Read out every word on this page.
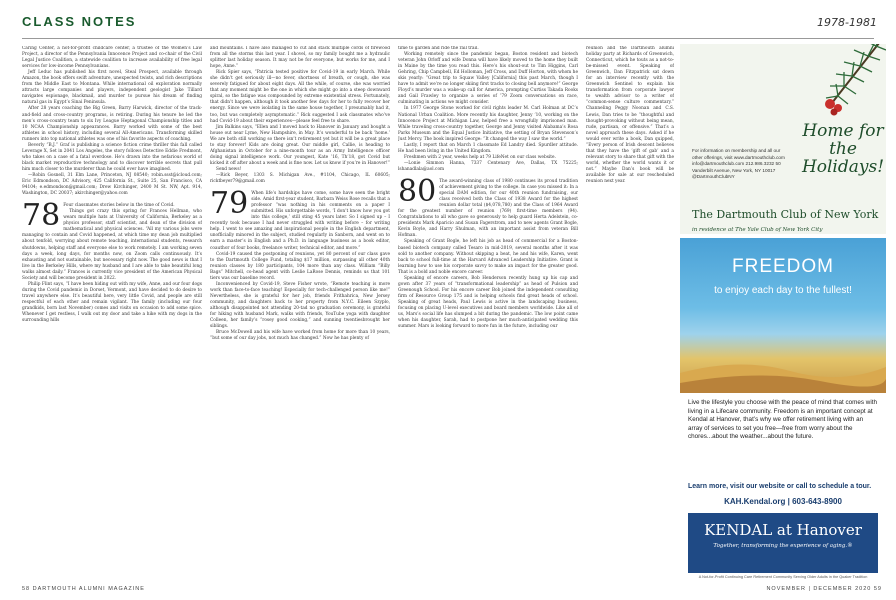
CLASS NOTES	1978-1981

Caring Center, a not-for-profit childcare center, a trustee of the Women’s Law Project, a director of the Pennsylvania Innocence Project and co-chair of the Civil Legal Justice Coalition, a statewide coalition to increase availability of free legal services for low-income Pennsylvanians.

Jeff Leduc has published his first novel, Steal Prospect, available through Amazon, the book offers swift adventure, unexpected twists, and rich descriptions from the Middle East to Montana. While international oil exploration normally attracts large companies and players, independent geologist Jake Tillard navigates espionage, blackmail, and murder to pursue his dream of finding natural gas in Egypt’s Sinai Peninsula.

After 28 years coaching the Big Green, Barry Harwick, director of the track-and-field and cross-country programs, is retiring. During his tenure he led the men’s cross-country team to six Ivy League Heptagonal Championship titles and 10 NCAA Championship appearances. Barry worked with some of the best athletes in school history, including several All-Americans. Transforming skilled runners into top national athletes was one of his favorite aspects of coaching.

Beverly “B.J.” Graf is publishing a science fiction crime thriller this fall called Leverage X, Set in 2041 Los Angeles, the story follows Detective Eddie Fredmont, who takes on a case of a fatal overdose. He’s drawn into the nefarious world of black market reproductive technology and to discover terrible secrets that pull him much closer to the murderer than he could ever have imagined.

—Robin Gosnell, 31 Elm Lane, Princeton, NJ 08540; robin.ssst@icloud.com; Eric Edmondson, DC Advisory, 425 California St., Suite 25, San Francisco, CA 94104; e.edmondson@gmail.com; Drew Kirchinger, 2400 M St. NW, Apt. 914, Washington, DC 20037; akirchinger@yahoo.com

78 Four classmates stories below in the time of Covid.

Things got crazy this spring for Frances Hellman, who wears multiple hats at University of California, Berkeley as a physics professor, staff scientist, and dean of the division of mathematical and physical sciences. “All my various jobs were managing to contain and Covid happened, at which time my dean job multiplied about tenfold, worrying about remote teaching, international students, research shutdowns, helping staff and everyone else to work remotely. I am working seven days a week, long days, for months now, on Zoom calls continuously. It’s exhausting and not sustainable, but necessary right now. The good news is that I live in the Berkeley Hills, where my husband and I are able to take beautiful long walks almost daily.” Frances is currently vice president of the American Physical Society and will become president in 2022.

Philip Flint says, “I have been hiding out with my wife, Anne, and our four dogs during the Covid pandemic in Dorset, Vermont, and have decided to do desire to travel anywhere else. It’s beautiful here, very little Covid, and people are still respectful of each other and remain vigilant. The family (including our four grandkids, born last November) comes and visits on occasion to add some spice. Whenever I get restless, I walk out my door and take a hike with my dogs in the surrounding hills

and mountains. I have also managed to cut and stack multiple cords of firewood from all the storms this last year. I shovel, so my family bought me a hydraulic splitter last holiday season. It may not be for everyone, but works for me, and I hope, Anne.”

Rick Spier says, “Patricia tested positive for Covid-19 in early March. While she didn’t get seriously ill—no fever, shortness of breath, or cough, she was severely fatigued for about eight days. All the while, of course, she was worried that any moment might be the one in which she might go into a steep downward spiral, so the fatigue was compounded by extreme existential stress. Fortunately, that didn’t happen, although it took another few days for her to fully recover her energy. Since we were isolating in the same house together, I presumably had it, too, but was completely asymptomatic.” Rick suggested I ask classmates who’ve had Covid-19 about their experiences—please feel free to share.

Jim Balkins says, “Ellen and I moved back to Hanover in January and bought a house out near Lyme, New Hampshire, in May. It’s wonderful to be back ‘home.’ We are both still working so there isn’t retirement yet but it will be a great place to stay forever! Kids are doing great. Our middle girl, Callie, is heading to Afghanistan in October for a nine-month tour as an Army Intelligence officer doing signal intelligence work. Our youngest, Kate ’16, Th’18, got Covid but kicked it off after about a week and is fine now. Let us know if you’re in Hanover!”

Send news!

—Rick Beyer, 1303 S. Michigan Ave., #1104, Chicago, IL 60605; ricktbeyer79@gmail.com

79 When life’s hardships have come, some have seen the bright side. Amid first-year student, Barbara Weiss Rose recalls that a professor “was nothing in his comments on a paper I submitted. His unforgettable words, ‘I don’t know how you got into this college,’ still sting 45 years later. So I signed up – I recently took because I had never struggled with writing before – for writing help. I went to see amazing and inspirational people in the English department, unofficially minored in the subject, studied regularly in Sanborn, and went on to earn a master’s in English and a Ph.D. in language business as a book editor, coauthor of four books, freelance writer, technical editor, and more.”

Covid-19 caused the postponing of reunions, yet 80 percent of our class gave to the Dartmouth College Fund, totaling $17 million, surpassing all other 40th reunion classes by 180 participants, 104 more than any class. William “Billy Bags” Mitchell, co-head agent with Leslie LaRose Dennis, reminds us that 101 tiers was our baseline record.

Inconvenienced by Covid-19, Steve Fisher wrote, “Remote teaching is more work than face-to-face teaching! Especially for tech-challenged person like me!” Nevertheless, she is grateful for her job, friends Frithahrica, New Jersey community, and daughters back to her property from N.Y.C. Eileen Szyplo, although disappointed not attending 20-tad no graduation ceremony, is grateful for hiking with husband Mark, walks with friends, YouTube yoga with daughter Colleen, her family’s “rosey good cooking,” and sunning twentiesbrought her siblings.

Bruce McDowell and his wife have worked from home for more than 10 years, “but some of our day jobs, not much has changed.” Now he has plenty of

time to garden and ride the rail trail.

Working remotely since the pandemic began, Boston resident and biotech veteran John Orloff and wife Donna will have likely moved to the home they built in Maine by the time you read this. Here’s his shout-out to Tim Higgins, Carl Gehring, Chip Campbell, Ed Holloman, Jeff Cross, and Duff Horton, with whom he skis yearly: “Great trip to Squaw Valley [California] this past March, though I have to admit we’re no longer skiing first tracks to closing bell anymore!” George Floyd’s murder was a wake-up call for America, prompting Curtiss Takada Rooks and Gail Frawley to organize a series of ’79 Zoom conversations on race, culminating in actions we might consider.

In 1977 George Stone worked for civil rights leader M. Carl Holman at DC’s National Urban Coalition. More recently his daughter, Jenny ’10, working on the Innocence Project at Michigan Law, helped free a wrongfully imprisoned man. While traveling cross-country together, George and Jenny visited Alabama’s Rosa Parks Museum and the Equal Justice Initiative, the setting of Bryan Stevenson’s Just Mercy. The book inspired George: “It changed the way I saw the world.”

Lastly, I report that on March 1 classmate Ed Landry died. Spurdler attitude. He had been living in the United Kingdom.

Freshmen with 2 year, weeks help at 79 LifeNet on our class website.

—Lonie Simmon Hanna, 7337 Centenary Ave, Dallas, TX 75225; lshanadlala@aol.com

80 The award-winning class of 1980 continues its proud tradition of achievement giving to the college. In case you missed it: In a special DAM edition, for our 40th reunion fundraising, our class received both the Class of 1938 Award for the highest reunion dollar total ($4,078,780) and the Class of 1964 Award for the greatest number of reunion (769) first-time members (94). Congratulations to all who gave so generously to help guard Herta Adelstein, co-presidents Mark Aparicio and Susan Fagerstrom, and to new agents Grant Bogle, Kevin Boyle, and Harry Shulman, with an important assist from veteran Bill Hofman.

Speaking of Grant Bogle, he left his job as head of commercial for a Boston-based biotech company called Tesaro in mid-2019, several months after it was sold to another company. Without skipping a beat, he and his wife, Karen, went back to school full-time at the Harvard Advanced Leadership Initiative. Grant is learning how to use his corporate savvy to make an impact for the greater good. That is a bold and noble encore career.

Speaking of encore careers, Bob Henderson recently hung up his cap and gown after 37 years of “transformational leadership” as head of Pulsion and Greenough School. For his encore career Bob joined the independent consulting firm of Resource Group 175 and is helping schools find great heads of school. Speaking of great heads, Paul Lewis is active in the landscaping business, focusing on placing U-level executives and board members worldwide. Like all of us, Mars’s social life has slumped a bit during the pandemic. The low point came when his daughter, Sarah, had to postpone her much-anticipated wedding this summer. Mars is looking forward to more fun in the future, including our

reunion and the Dartmouth alumni holiday party at Richards of Greenwich, Connecticut, which he touts as a not-to-be-missed event. Speaking of Greenwich, Dan Fitzpatrick sat down for an interview recently with the Greenwich Sentinel to explain his transformation from corporate lawyer to wealth advisor to a writer of “common-sense culture commentary.” Channeling Peggy Noonan and C.S. Lewis, Dan tries to be “thoughtful and thought-provoking without being mean, rude, partisan, or offensive.” That’s a novel approach these days. Asked if he would ever write a book, Dan quipped, “Every person of Irish descent believes that they have the ‘gift of gab’ and a relevant story to share that gift with the world, whether the world wants it or not.” Maybe Dan’s book will be available for sale at our rescheduled reunion next year.

Home for the Holidays!
For information on membership and all our other offerings, visit www.dartmouthclub.com info@dartmouthclub.com 212.986.3232 50 Vanderbilt Avenue, New York, NY 10017 @DartmouthClubNY
The Dartmouth Club of New York in residence at The Yale Club of New York City
FREEDOM
to enjoy each day to the fullest!
Live the lifestyle you choose with the peace of mind that comes with living in a Lifecare community. Freedom is an important concept at Kendal at Hanover, that’s why we offer retirement living with an array of services to set you free—free from worry about the chores...about the weather...about the future.
Learn more, visit our website or call to schedule a tour.
KAH.Kendal.org | 603-643-8900
KENDAL at Hanover
Together, transforming the experience of aging.®
A Not-for-Profit Continuing Care Retirement Community Serving Older Adults in the Quaker Tradition
58 DARTMOUTH ALUMNI MAGAZINE	NOVEMBER | DECEMBER 2020 59
